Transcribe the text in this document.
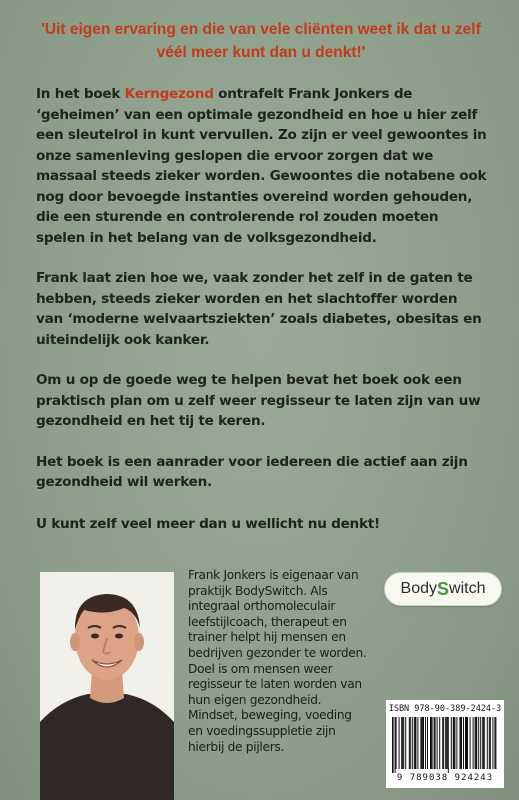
'Uit eigen ervaring en die van vele cliënten weet ik dat u zelf véél meer kunt dan u denkt!'

In het boek Kerngezond ontrafelt Frank Jonkers de ‘geheimen’ van een optimale gezondheid en hoe u hier zelf een sleutelrol in kunt vervullen. Zo zijn er veel gewoontes in onze samenleving geslopen die ervoor zorgen dat we massaal steeds zieker worden. Gewoontes die notabene ook nog door bevoegde instanties overeind worden gehouden, die een sturende en controlerende rol zouden moeten spelen in het belang van de volksgezondheid.

Frank laat zien hoe we, vaak zonder het zelf in de gaten te hebben, steeds zieker worden en het slachtoffer worden van ‘moderne welvaartsziekten’ zoals diabetes, obesitas en uiteindelijk ook kanker.

Om u op de goede weg te helpen bevat het boek ook een praktisch plan om u zelf weer regisseur te laten zijn van uw gezondheid en het tij te keren.

Het boek is een aanrader voor iedereen die actief aan zijn gezondheid wil werken.

U kunt zelf veel meer dan u wellicht nu denkt!

Frank Jonkers is eigenaar van praktijk BodySwitch. Als integraal orthomoleculair leefstijlcoach, therapeut en trainer helpt hij mensen en bedrijven gezonder te worden. Doel is om mensen weer regisseur te laten worden van hun eigen gezondheid. Mindset, beweging, voeding en voedingssuppletie zijn hierbij de pijlers.

Body S witch
ISBN 978-90-389-2424-3
9 789038 924243
